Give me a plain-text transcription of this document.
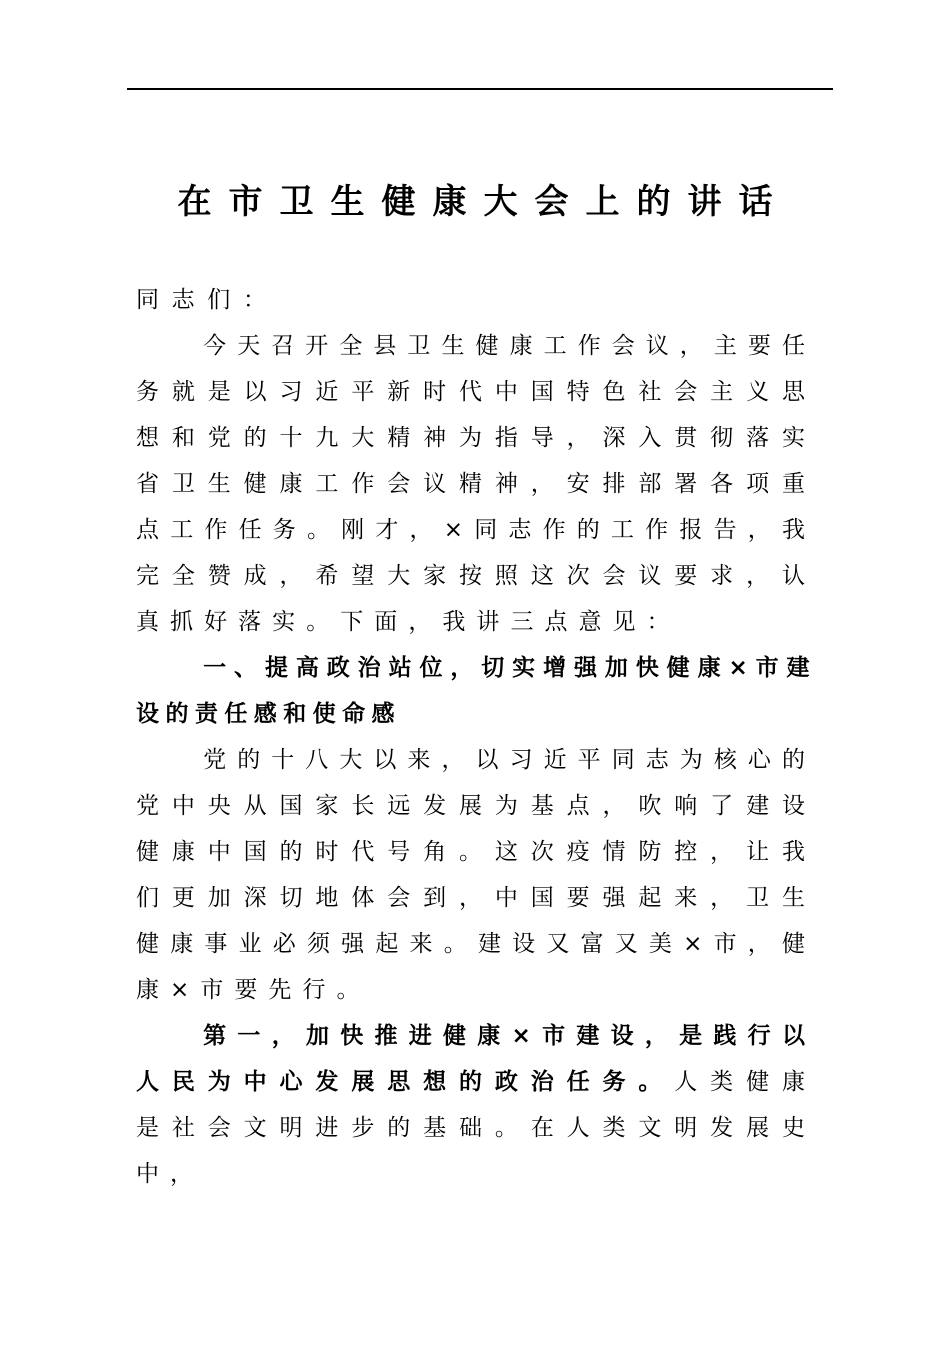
在市卫生健康大会上的讲话

同志们：

今天召开全县卫生健康工作会议，主要任务就是以习近平新时代中国特色社会主义思想和党的十九大精神为指导，深入贯彻落实省卫生健康工作会议精神，安排部署各项重点工作任务。刚才，×同志作的工作报告，我完全赞成，希望大家按照这次会议要求，认真抓好落实。下面，我讲三点意见：

一、提高政治站位，切实增强加快健康×市建设的责任感和使命感

党的十八大以来，以习近平同志为核心的党中央从国家长远发展为基点，吹响了建设健康中国的时代号角。这次疫情防控，让我们更加深切地体会到，中国要强起来，卫生健康事业必须强起来。建设又富又美×市，健康×市要先行。

第一，加快推进健康×市建设，是践行以人民为中心发展思想的政治任务。人类健康是社会文明进步的基础。在人类文明发展史中，
